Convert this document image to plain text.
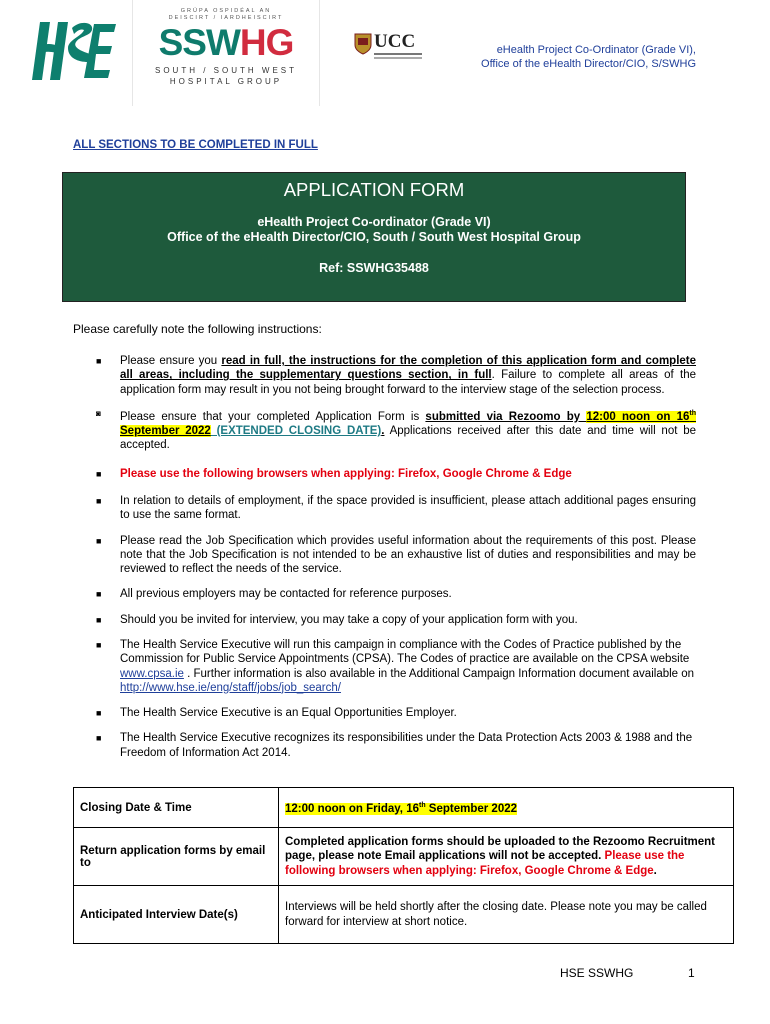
GRÚPA OSPIDÉAL AN
DEISCIRT / IARDHEISCIRT
SSWHG
SOUTH / SOUTH WEST
HOSPITAL GROUP
UCC	eHealth Project Co-Ordinator (Grade VI),
Office of the eHealth Director/CIO, S/SWHG
ALL SECTIONS TO BE COMPLETED IN FULL
APPLICATION FORM
eHealth Project Co-ordinator (Grade VI)
Office of the eHealth Director/CIO, South / South West Hospital Group
Ref: SSWHG35488
Please carefully note the following instructions:
■ Please ensure you read in full, the instructions for the completion of this application form and complete all areas, including the supplementary questions section, in full. Failure to complete all areas of the application form may result in you not being brought forward to the interview stage of the selection process.
◙ Please ensure that your completed Application Form is submitted via Rezoomo by 12:00 noon on 16th September 2022 (EXTENDED CLOSING DATE). Applications received after this date and time will not be accepted.
■ Please use the following browsers when applying: Firefox, Google Chrome & Edge
■ In relation to details of employment, if the space provided is insufficient, please attach additional pages ensuring to use the same format.
■ Please read the Job Specification which provides useful information about the requirements of this post. Please note that the Job Specification is not intended to be an exhaustive list of duties and responsibilities and may be reviewed to reflect the needs of the service.
■ All previous employers may be contacted for reference purposes.
■ Should you be invited for interview, you may take a copy of your application form with you.
■ The Health Service Executive will run this campaign in compliance with the Codes of Practice published by the Commission for Public Service Appointments (CPSA). The Codes of practice are available on the CPSA website www.cpsa.ie . Further information is also available in the Additional Campaign Information document available on http://www.hse.ie/eng/staff/jobs/job_search/
■ The Health Service Executive is an Equal Opportunities Employer.
■ The Health Service Executive recognizes its responsibilities under the Data Protection Acts 2003 & 1988 and the Freedom of Information Act 2014.
Closing Date & Time	12:00 noon on Friday, 16th September 2022
Return application forms by email to	Completed application forms should be uploaded to the Rezoomo Recruitment page, please note Email applications will not be accepted. Please use the following browsers when applying: Firefox, Google Chrome & Edge.
Anticipated Interview Date(s)	Interviews will be held shortly after the closing date. Please note you may be called forward for interview at short notice.
HSE SSWHG	1
